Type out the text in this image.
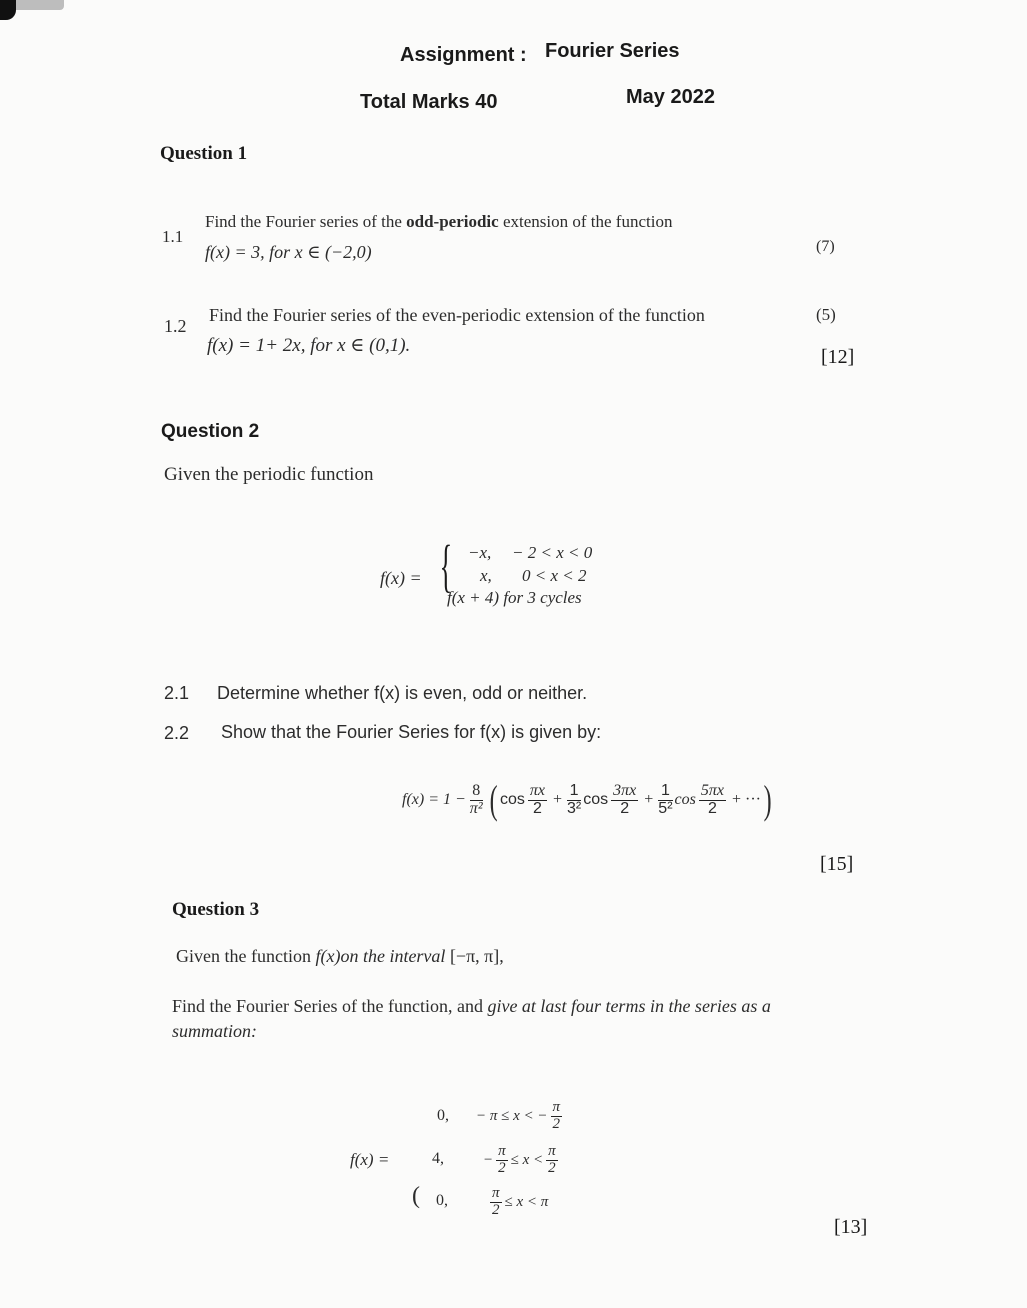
Assignment : Fourier Series
Total Marks 40	May 2022
Question 1
1.1
Find the Fourier series of the odd-periodic extension of the function
f(x) = 3, for x ∈ (−2,0)	(7)
1.2
Find the Fourier series of the even-periodic extension of the function
f(x) = 1+ 2x, for x ∈ (0,1).
(5)
[12]
Question 2
Given the periodic function
f(x) = { −x, − 2 < x < 0
x, 0 < x < 2
f(x + 4) for 3 cycles
2.1 Determine whether f(x) is even, odd or neither.
2.2 Show that the Fourier Series for f(x) is given by:
$f(x) = 1 - \frac{8}{\text{π²}}$ ( $\cos \frac{\pi x}{2} + \frac{1}{\text{3²}}$ $\cos \frac{3\pi x}{2} + \frac{1}{\text{5²}}$ $\cos \frac{5\pi x}{2}$ + ··· )
[15]
Question 3
Given the function f(x)on the interval [−π, π],
Find the Fourier Series of the function, and give at last four terms in the series as a
summation:
f(x) =
0, − π ≤ x < − $\frac{\pi}{2}$
4,	− $\frac{\pi}{2} \le x < \frac{\pi}{2}$
( 0,	$\frac{\pi}{2} \le x < \pi$
[13]
